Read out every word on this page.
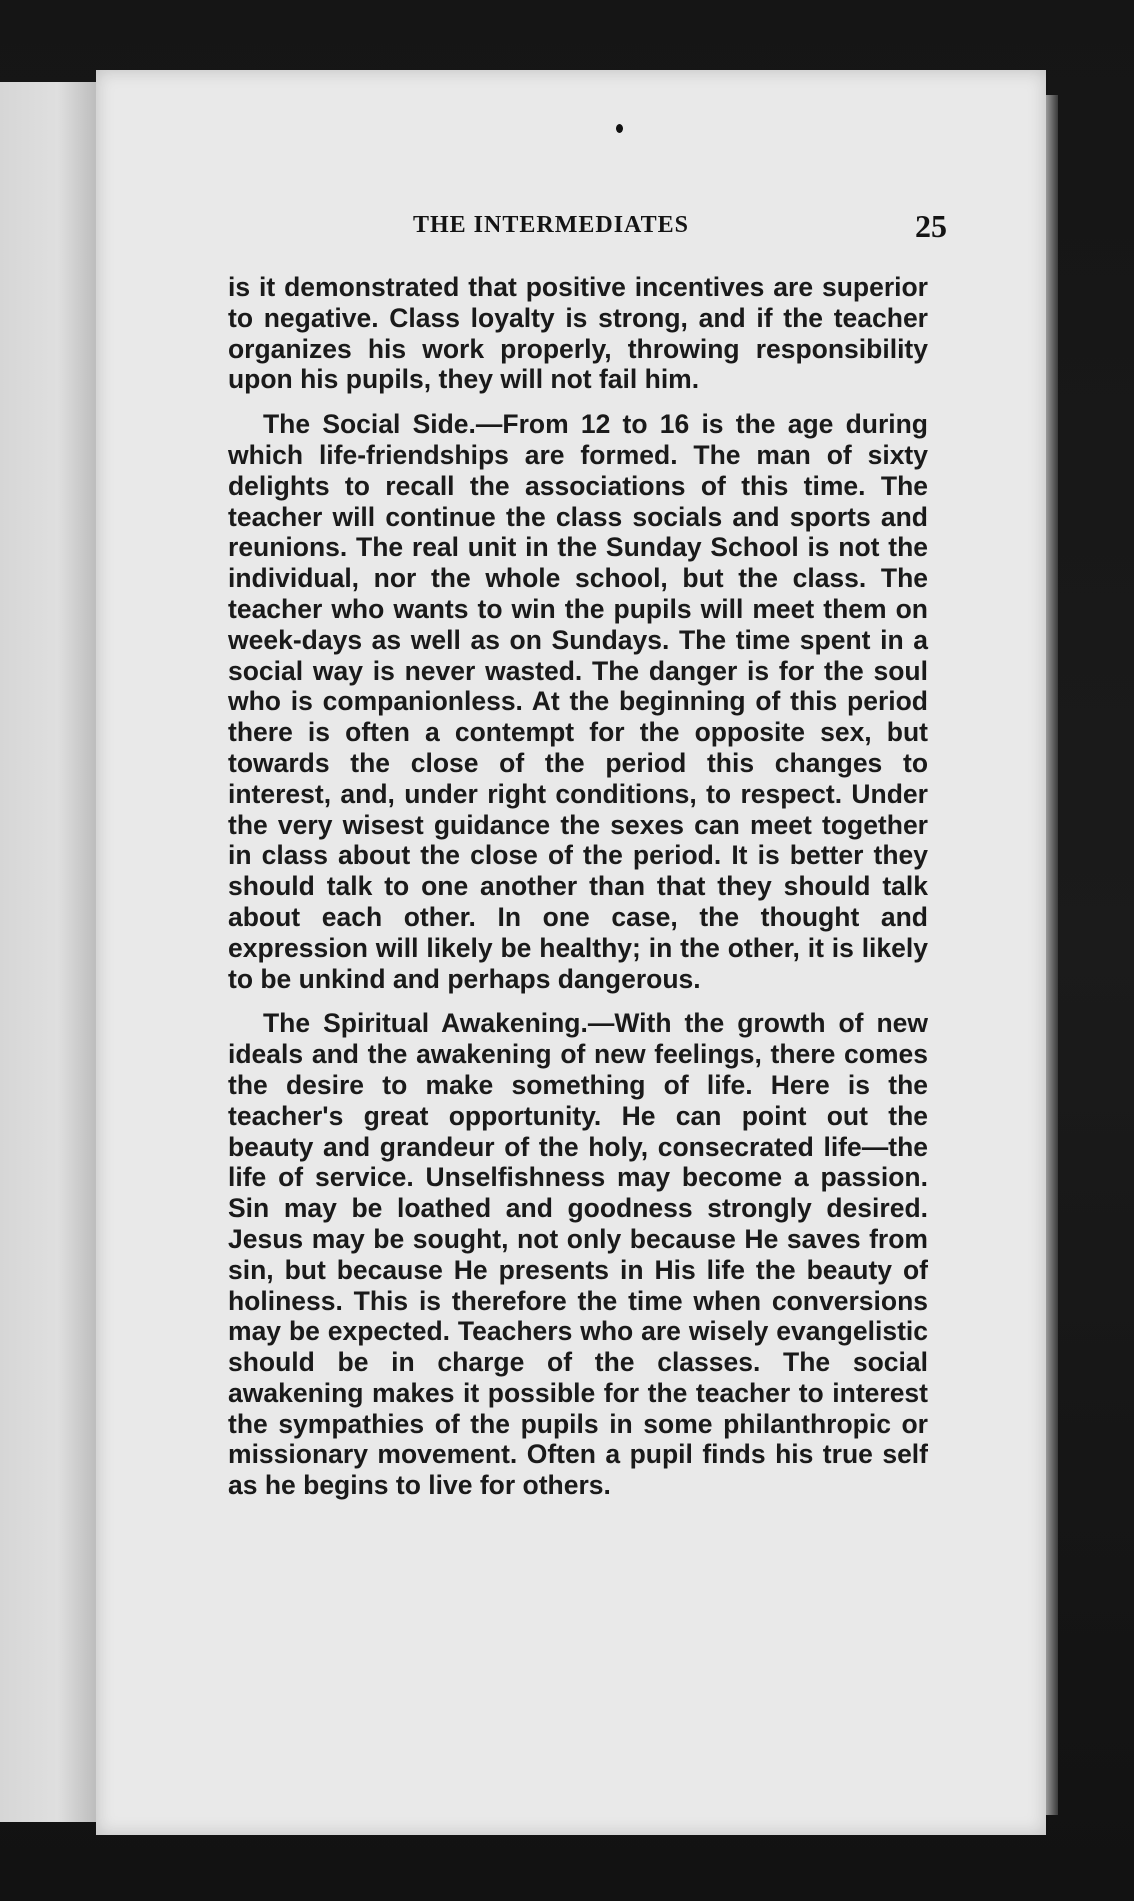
THE INTERMEDIATES	25

is it demonstrated that positive incentives are superior to negative. Class loyalty is strong, and if the teacher organizes his work properly, throwing responsibility upon his pupils, they will not fail him.

The Social Side.—From 12 to 16 is the age during which life-friendships are formed. The man of sixty delights to recall the associations of this time. The teacher will continue the class socials and sports and reunions. The real unit in the Sunday School is not the individual, nor the whole school, but the class. The teacher who wants to win the pupils will meet them on week-days as well as on Sundays. The time spent in a social way is never wasted. The danger is for the soul who is companionless. At the beginning of this period there is often a contempt for the opposite sex, but towards the close of the period this changes to interest, and, under right conditions, to respect. Under the very wisest guidance the sexes can meet together in class about the close of the period. It is better they should talk to one another than that they should talk about each other. In one case, the thought and expression will likely be healthy; in the other, it is likely to be unkind and perhaps dangerous.

The Spiritual Awakening.—With the growth of new ideals and the awakening of new feelings, there comes the desire to make something of life. Here is the teacher's great opportunity. He can point out the beauty and grandeur of the holy, consecrated life—the life of service. Unselfishness may become a passion. Sin may be loathed and goodness strongly desired. Jesus may be sought, not only because He saves from sin, but because He presents in His life the beauty of holiness. This is therefore the time when conversions may be expected. Teachers who are wisely evangelistic should be in charge of the classes. The social awakening makes it possible for the teacher to interest the sympathies of the pupils in some philanthropic or missionary movement. Often a pupil finds his true self as he begins to live for others.
